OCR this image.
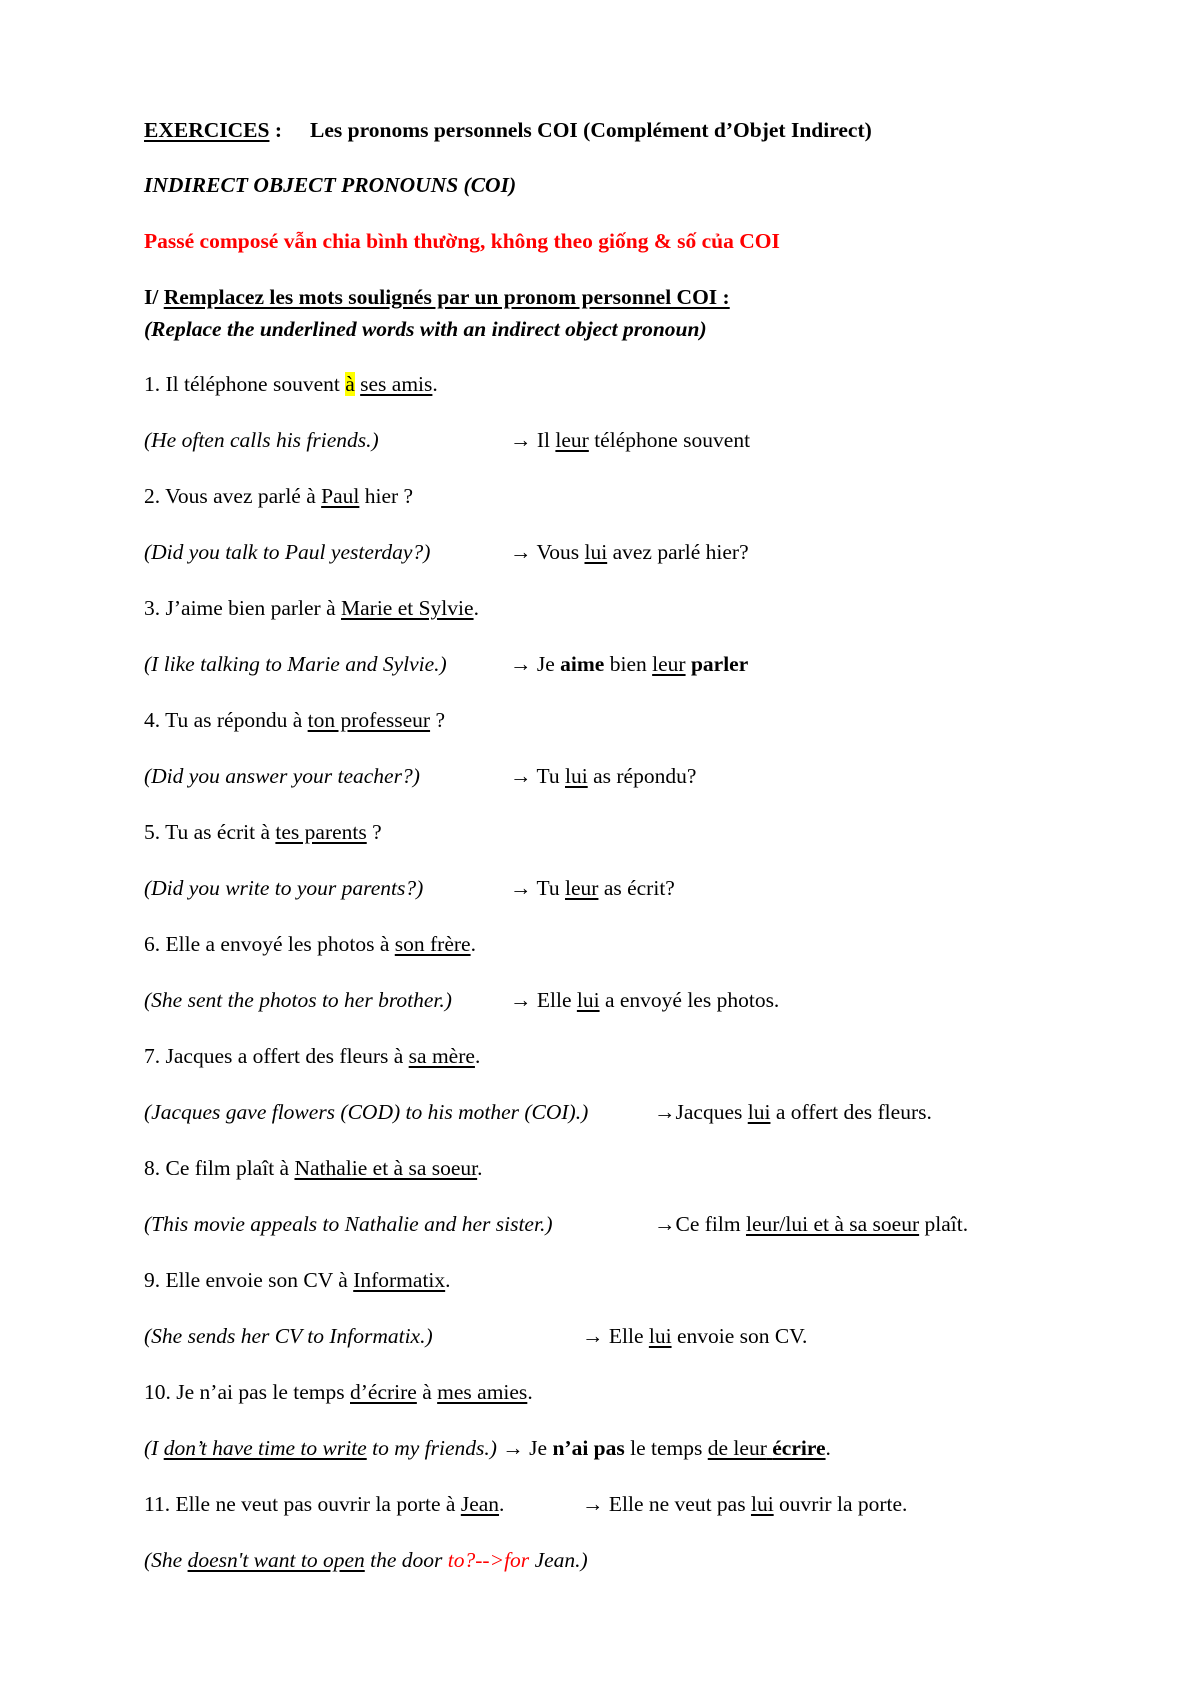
EXERCICES : Les pronoms personnels COI (Complément d’Objet Indirect)
INDIRECT OBJECT PRONOUNS (COI)
Passé composé vẫn chia bình thường, không theo giống & số của COI
I/ Remplacez les mots soulignés par un pronom personnel COI :
(Replace the underlined words with an indirect object pronoun)
1. Il téléphone souvent à ses amis.
(He often calls his friends.)	→ Il leur téléphone souvent
2. Vous avez parlé à Paul hier ?
(Did you talk to Paul yesterday?)	→ Vous lui avez parlé hier?
3. J’aime bien parler à Marie et Sylvie.
(I like talking to Marie and Sylvie.)	→ Je aime bien leur parler
4. Tu as répondu à ton professeur ?
(Did you answer your teacher?)	→ Tu lui as répondu?
5. Tu as écrit à tes parents ?
(Did you write to your parents?)	→ Tu leur as écrit?
6. Elle a envoyé les photos à son frère.
(She sent the photos to her brother.)	→ Elle lui a envoyé les photos.
7. Jacques a offert des fleurs à sa mère.
(Jacques gave flowers (COD) to his mother (COI).)	→Jacques lui a offert des fleurs.
8. Ce film plaît à Nathalie et à sa soeur.
(This movie appeals to Nathalie and her sister.)	→Ce film leur/lui et à sa soeur plaît.
9. Elle envoie son CV à Informatix.
(She sends her CV to Informatix.)	→ Elle lui envoie son CV.
10. Je n’ai pas le temps d’écrire à mes amies.
(I don’t have time to write to my friends.) → Je n’ai pas le temps de leur écrire.
11. Elle ne veut pas ouvrir la porte à Jean.	→ Elle ne veut pas lui ouvrir la porte.
(She doesn't want to open the door to?-->for Jean.)
